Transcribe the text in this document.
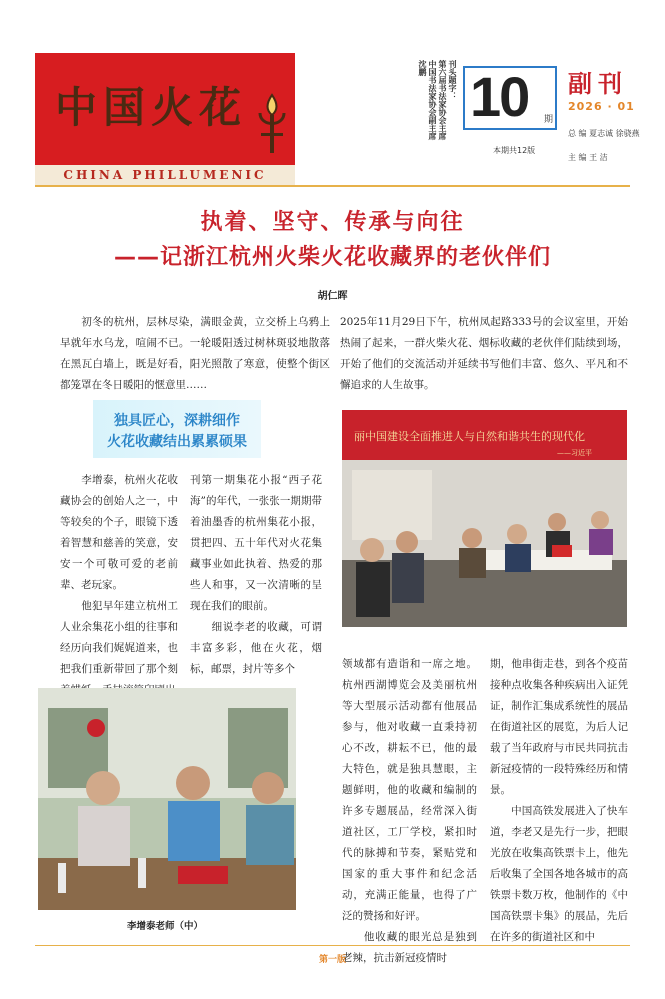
中国火花
CHINA PHILLUMENIC
刊头题字：
第六届书法家协会主席
中国书法家协会副主席
沈鹏 10 期
副刊
2026 · 01
本期共12版
总 编 夏志诚 徐骁燕
主 编 王 洁
执着、坚守、传承与向往
——记浙江杭州火柴火花收藏界的老伙伴们
胡仁晖
初冬的杭州，层林尽染，满眼金黄，立交桥上乌鸦上早就年水乌龙，喧闹不已。一轮暖阳透过树林斑驳地散落在黑瓦白墙上，既是好看，阳光照散了寒意，使整个街区都笼罩在冬日暖阳的惬意里……
2025年11月29日下午，杭州凤起路333号的会议室里，开始热闹了起来，一群火柴火花、烟标收藏的老伙伴们陆续到场，开始了他们的交流活动并延续书写他们丰富、悠久、平凡和不懈追求的人生故事。
独具匠心，深耕细作
火花收藏结出累累硕果
李增泰，杭州火花收藏协会的创始人之一，中等较矣的个子，眼镜下透着智慧和慈善的笑意，安安一个可敬可爱的老前辈、老玩家。
他犯早年建立杭州工人业余集花小组的往事和经历向我们娓娓道来，也把我们重新带回了那个刻
刊第一期集花小报“西子花海”的年代，一张张一期期带着油墨香的杭州集花小报，贯把四、五十年代对火花集藏事业如此执着、热爱的那些人和事，又一次清晰的呈现在我们的眼前。
细说李老的收藏，可谓丰富多彩，他在火花，烟标，邮票，封片等多个
丽中国建设全面推进人与自然和谐共生的现代化
——习近平
李增泰老师（中）
领域都有造诣和一席之地。杭州西湖博览会及美丽杭州等大型展示活动都有他展品参与，他对收藏一直秉持初心不改，耕耘不已，他的最大特色，就是独具慧眼，主题鲜明，他的收藏和编制的许多专题展品，经常深入街道社区，工厂学校，紧扣时代的脉搏和节奏，紧贴党和国家的重大事件和纪念活动，充满正能量，也得了广泛的赞扬和好评。
他收藏的眼光总是独到老辣，抗击新冠疫情时
期，他串街走巷，到各个疫苗接种点收集各种疾病出入证凭证，制作汇集成系统性的展品在街道社区的展览，为后人记载了当年政府与市民共同抗击新冠疫情的一段特殊经历和情景。
中国高铁发展进入了快车道，李老又是先行一步，把眼光放在收集高铁票卡上，他先后收集了全国各地各城市的高铁票卡数万枚，他制作的《中国高铁票卡集》的展品，先后在许多的街道社区和中
第一版
